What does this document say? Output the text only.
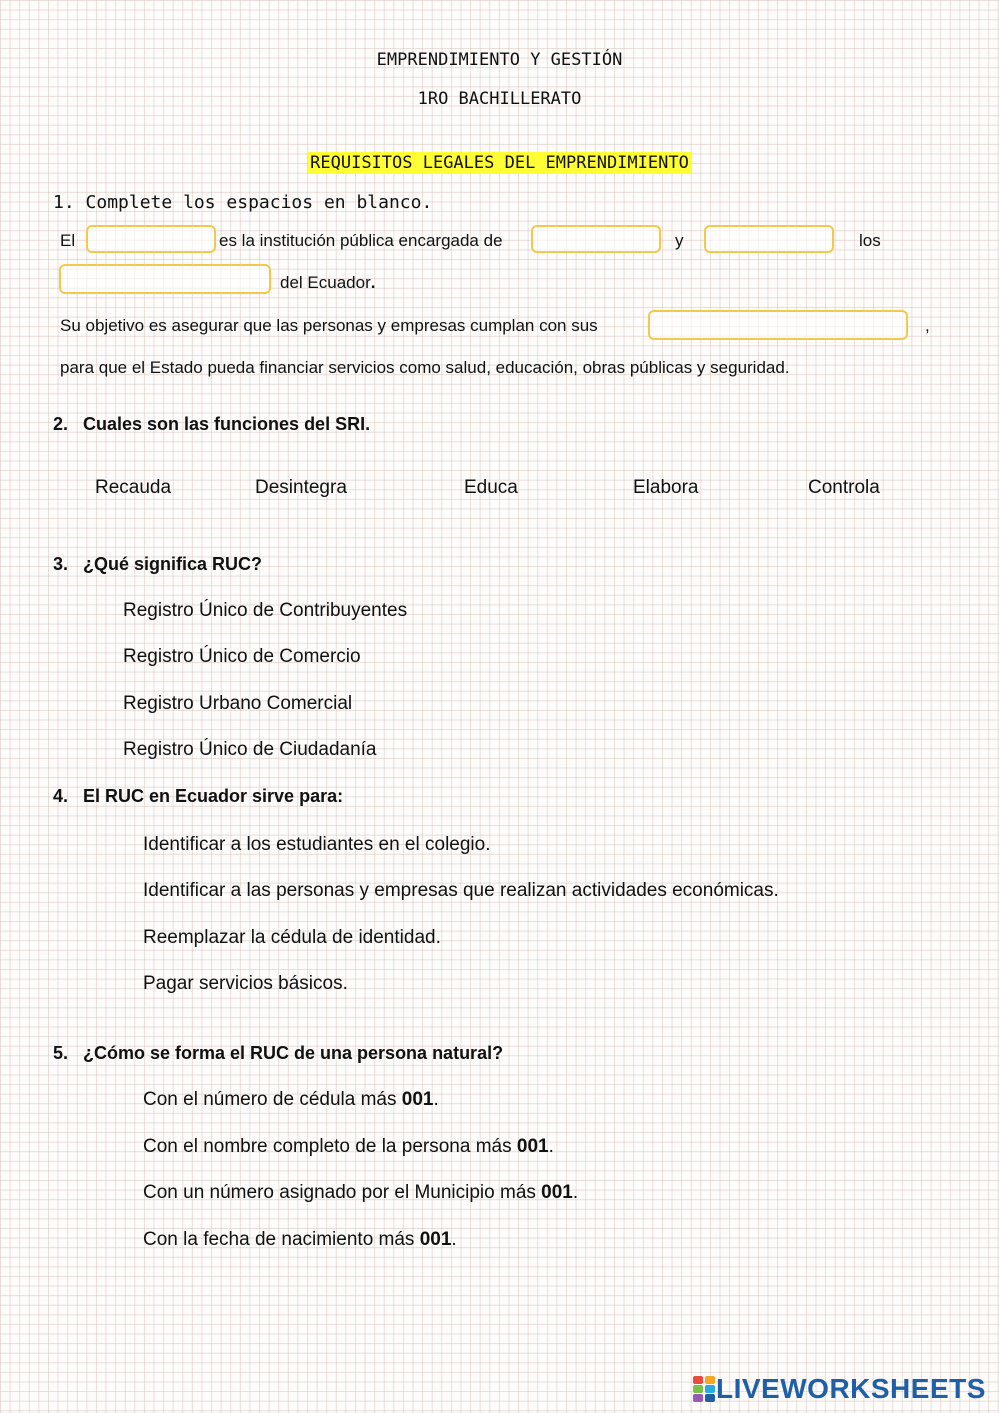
EMPRENDIMIENTO Y GESTIÓN
1RO BACHILLERATO
REQUISITOS LEGALES DEL EMPRENDIMIENTO
1. Complete los espacios en blanco.
El	es la institución pública encargada de	y	los
del Ecuador.
Su objetivo es asegurar que las personas y empresas cumplan con sus	,
para que el Estado pueda financiar servicios como salud, educación, obras públicas y seguridad.
2. Cuales son las funciones del SRI.
Recauda	Desintegra	Educa	Elabora	Controla
3. ¿Qué significa RUC?
Registro Único de Contribuyentes
Registro Único de Comercio
Registro Urbano Comercial
Registro Único de Ciudadanía
4. El RUC en Ecuador sirve para:
Identificar a los estudiantes en el colegio.
Identificar a las personas y empresas que realizan actividades económicas.
Reemplazar la cédula de identidad.
Pagar servicios básicos.
5. ¿Cómo se forma el RUC de una persona natural?
Con el número de cédula más 001.
Con el nombre completo de la persona más 001.
Con un número asignado por el Municipio más 001.
Con la fecha de nacimiento más 001.
LIVEWORKSHEETS
